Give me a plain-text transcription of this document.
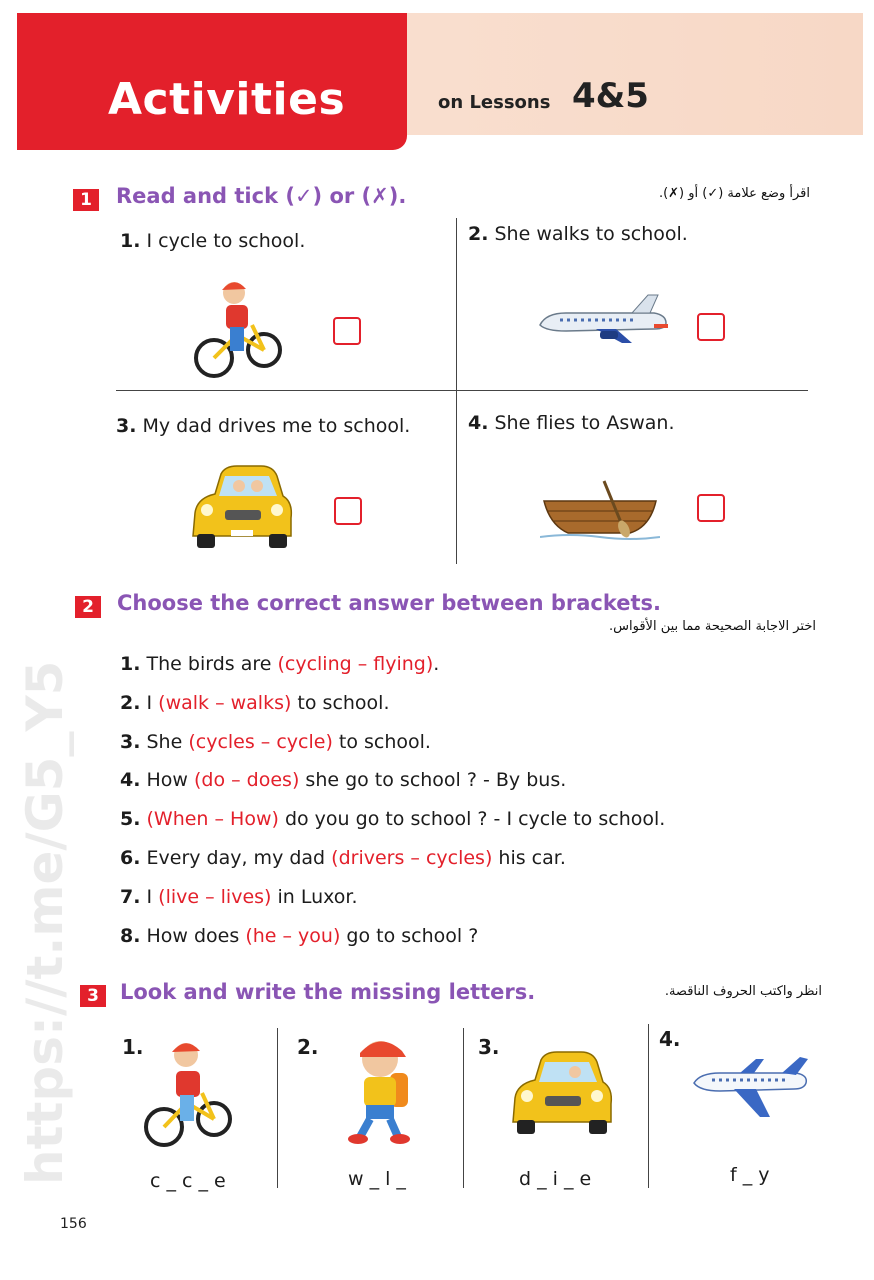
Activities	on Lessons 4&5
https://t.me/G5_Y5
1	Read and tick (✓) or (✗).	اقرأ وضع علامة (✓) أو (✗).
1. I cycle to school.	2. She walks to school.
3. My dad drives me to school.	4. She flies to Aswan.
2	Choose the correct answer between brackets.
اختر الاجابة الصحيحة مما بين الأقواس.
1. The birds are (cycling – flying).
2. I (walk – walks) to school.
3. She (cycles – cycle) to school.
4. How (do – does) she go to school ? - By bus.
5. (When – How) do you go to school ? - I cycle to school.
6. Every day, my dad (drivers – cycles) his car.
7. I (live – lives) in Luxor.
8. How does (he – you) go to school ?
3	Look and write the missing letters.	انظر واكتب الحروف الناقصة.
1.	2.	3.	4.
c _ c _ e	w _ l _	d _ i _ e	f _ y
156
